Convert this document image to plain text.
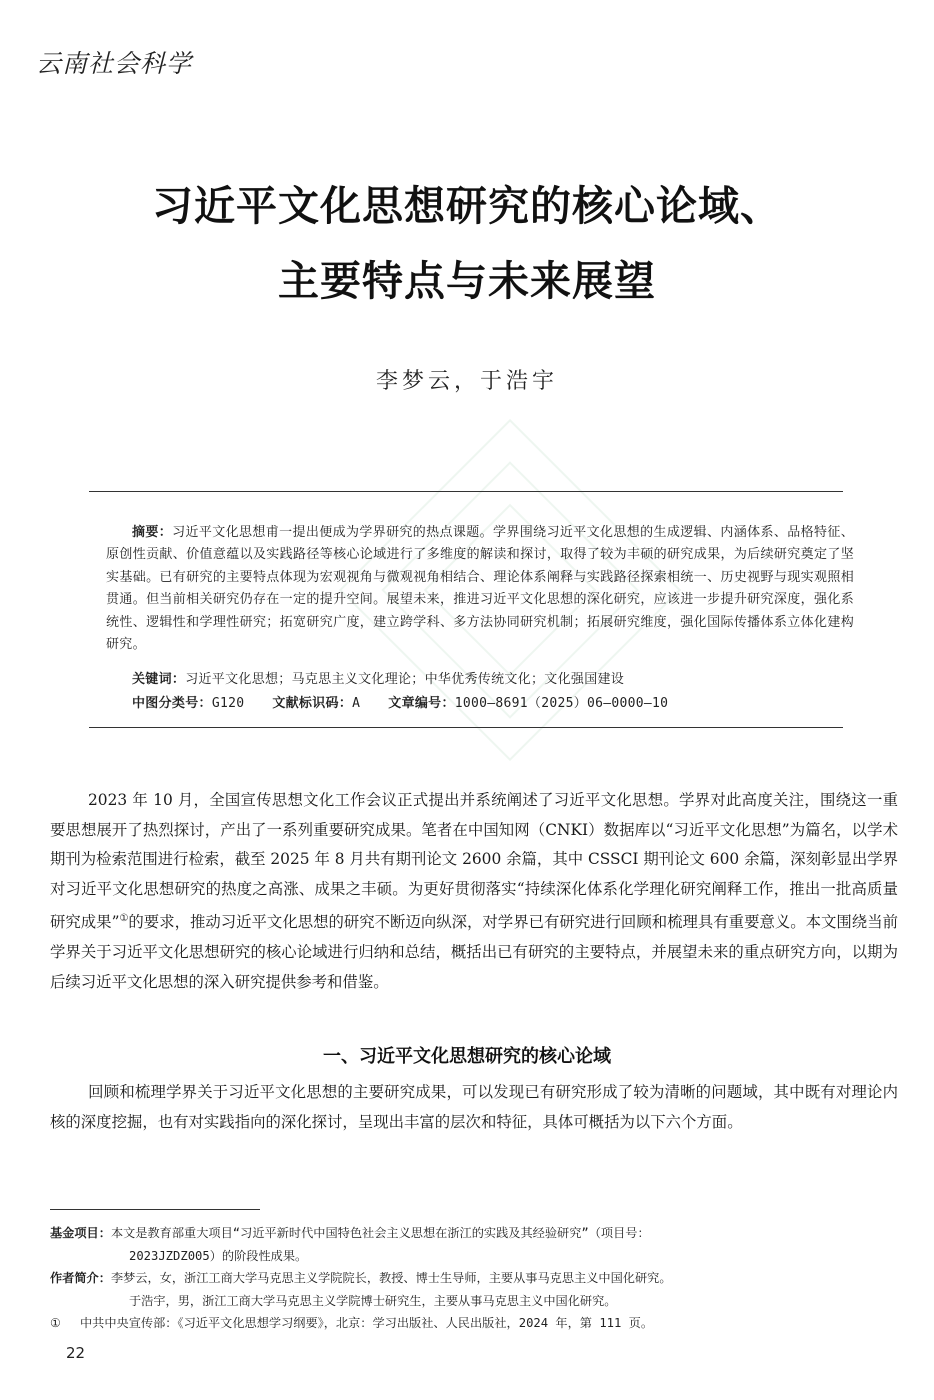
云南社会科学
习近平文化思想研究的核心论域、
主要特点与未来展望
李梦云，于浩宇
摘要：习近平文化思想甫一提出便成为学界研究的热点课题。学界围绕习近平文化思想的生成逻辑、内涵体系、品格特征、原创性贡献、价值意蕴以及实践路径等核心论域进行了多维度的解读和探讨，取得了较为丰硕的研究成果，为后续研究奠定了坚实基础。已有研究的主要特点体现为宏观视角与微观视角相结合、理论体系阐释与实践路径探索相统一、历史视野与现实观照相贯通。但当前相关研究仍存在一定的提升空间。展望未来，推进习近平文化思想的深化研究，应该进一步提升研究深度，强化系统性、逻辑性和学理性研究；拓宽研究广度，建立跨学科、多方法协同研究机制；拓展研究维度，强化国际传播体系立体化建构研究。
关键词：习近平文化思想；马克思主义文化理论；中华优秀传统文化；文化强国建设
中图分类号：G120 文献标识码：A 文章编号：1000—8691（2025）06—0000—10

2023 年 10 月，全国宣传思想文化工作会议正式提出并系统阐述了习近平文化思想。学界对此高度关注，围绕这一重要思想展开了热烈探讨，产出了一系列重要研究成果。笔者在中国知网（CNKI）数据库以“习近平文化思想”为篇名，以学术期刊为检索范围进行检索，截至 2025 年 8 月共有期刊论文 2600 余篇，其中 CSSCI 期刊论文 600 余篇，深刻彰显出学界对习近平文化思想研究的热度之高涨、成果之丰硕。为更好贯彻落实“持续深化体系化学理化研究阐释工作，推出一批高质量研究成果”①的要求，推动习近平文化思想的研究不断迈向纵深，对学界已有研究进行回顾和梳理具有重要意义。本文围绕当前学界关于习近平文化思想研究的核心论域进行归纳和总结，概括出已有研究的主要特点，并展望未来的重点研究方向，以期为后续习近平文化思想的深入研究提供参考和借鉴。

一、习近平文化思想研究的核心论域

回顾和梳理学界关于习近平文化思想的主要研究成果，可以发现已有研究形成了较为清晰的问题域，其中既有对理论内核的深度挖掘，也有对实践指向的深化探讨，呈现出丰富的层次和特征，具体可概括为以下六个方面。

基金项目： 本文是教育部重大项目“习近平新时代中国特色社会主义思想在浙江的实践及其经验研究”（项目号：
2023JZDZ005）的阶段性成果。
作者简介： 李梦云，女，浙江工商大学马克思主义学院院长，教授、博士生导师，主要从事马克思主义中国化研究。
于浩宇，男，浙江工商大学马克思主义学院博士研究生，主要从事马克思主义中国化研究。
①	中共中央宣传部：《习近平文化思想学习纲要》，北京：学习出版社、人民出版社，2024 年，第 111 页。
22
